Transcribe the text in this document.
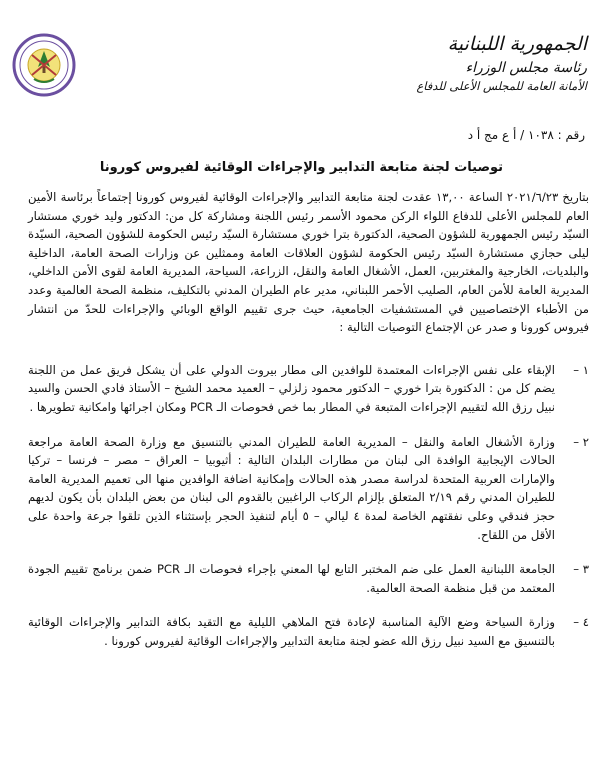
الجمهورية اللبنانية
رئاسة مجلس الوزراء
الأمانة العامة للمجلس الأعلى للدفاع
رقم : ١٠٣٨ / أ ع مج أ د
توصيات لجنة متابعة التدابير والإجراءات الوقائية لفيروس كورونا

بتاريخ ٢٠٢١/٦/٢٣ الساعة ١٣,٠٠ عقدت لجنة متابعة التدابير والإجراءات الوقائية لفيروس كورونا إجتماعاً برئاسة الأمين العام للمجلس الأعلى للدفاع اللواء الركن محمود الأسمر رئيس اللجنة ومشاركة كل من: الدكتور وليد خوري مستشار السيّد رئيس الجمهورية للشؤون الصحية، الدكتورة بترا خوري مستشارة السيّد رئيس الحكومة للشؤون الصحية، السيّدة ليلى حجازي مستشارة السيّد رئيس الحكومة لشؤون العلاقات العامة وممثلين عن وزارات الصحة العامة، الداخلية والبلديات، الخارجية والمغتربين، العمل، الأشغال العامة والنقل، الزراعة، السياحة، المديرية العامة لقوى الأمن الداخلي، المديرية العامة للأمن العام، الصليب الأحمر اللبناني، مدير عام الطيران المدني بالتكليف، منظمة الصحة العالمية وعدد من الأطباء الإختصاصيين في المستشفيات الجامعية، حيث جرى تقييم الواقع الوبائي والإجراءات للحدّ من انتشار فيروس كورونا و صدر عن الإجتماع التوصيات التالية :

١ –

الإبقاء على نفس الإجراءات المعتمدة للوافدين الى مطار بيروت الدولي على أن يشكل فريق عمل من اللجنة يضم كل من : الدكتورة بترا خوري – الدكتور محمود زلزلي – العميد محمد الشيخ – الأستاذ فادي الحسن والسيد نبيل رزق الله لتقييم الإجراءات المتبعة في المطار بما خص فحوصات الـ PCR ومكان اجرائها وامكانية تطويرها .

٢ –

وزارة الأشغال العامة والنقل – المديرية العامة للطيران المدني بالتنسيق مع وزارة الصحة العامة مراجعة الحالات الإيجابية الوافدة الى لبنان من مطارات البلدان التالية : أثيوبيا – العراق – مصر – فرنسا – تركيا والإمارات العربية المتحدة لدراسة مصدر هذه الحالات وإمكانية اضافة الوافدين منها الى تعميم المديرية العامة للطيران المدني رقم ٢/١٩ المتعلق بإلزام الركاب الراغبين بالقدوم الى لبنان من بعض البلدان بأن يكون لديهم حجز فندقي وعلى نفقتهم الخاصة لمدة ٤ ليالي – ٥ أيام لتنفيذ الحجر بإستثناء الذين تلقوا جرعة واحدة على الأقل من اللقاح.

٣ –

الجامعة اللبنانية العمل على ضم المختبر التابع لها المعني بإجراء فحوصات الـ PCR ضمن برنامج تقييم الجودة المعتمد من قبل منظمة الصحة العالمية.

٤ –

وزارة السياحة وضع الآلية المناسبة لإعادة فتح الملاهي الليلية مع التقيد بكافة التدابير والإجراءات الوقائية بالتنسيق مع السيد نبيل رزق الله عضو لجنة متابعة التدابير والإجراءات الوقائية لفيروس كورونا .
